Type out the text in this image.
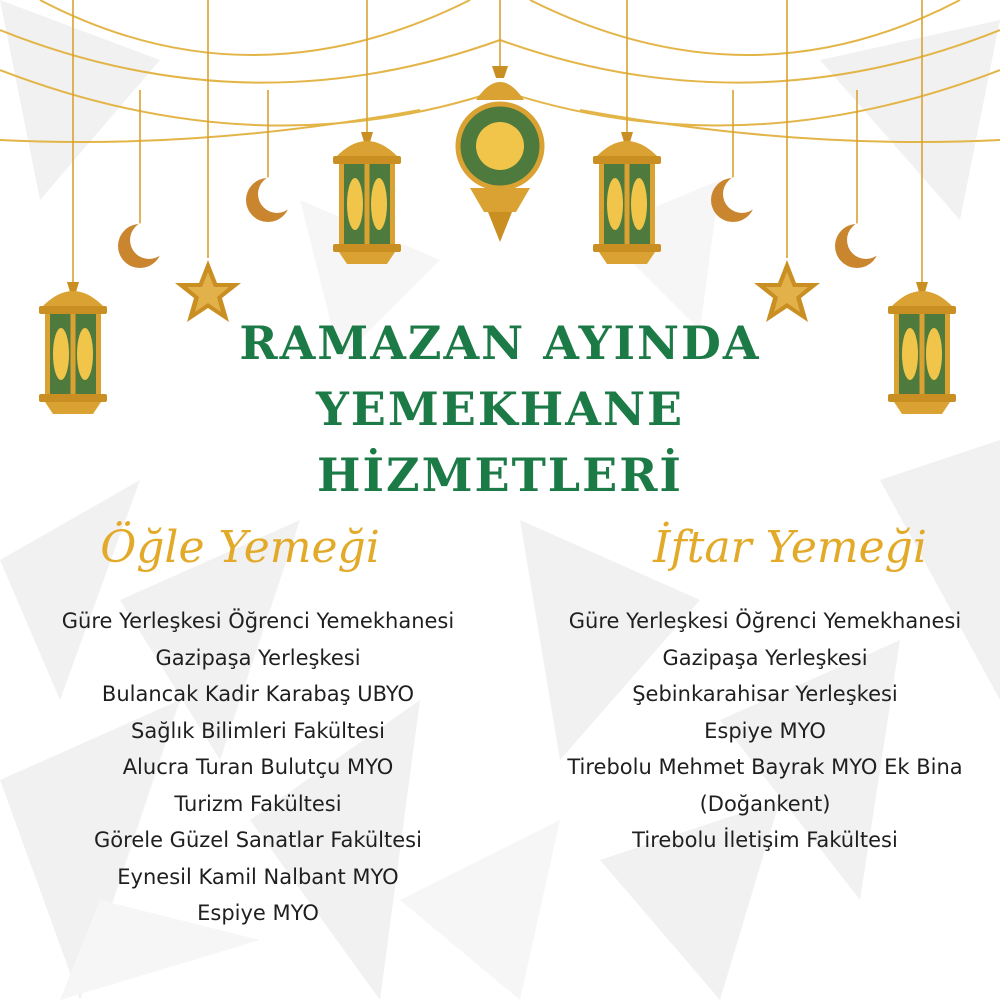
RAMAZAN AYINDA
YEMEKHANE
HİZMETLERİ
Öğle Yemeği	İftar Yemeği
Güre Yerleşkesi Öğrenci Yemekhanesi
Gazipaşa Yerleşkesi
Bulancak Kadir Karabaş UBYO
Sağlık Bilimleri Fakültesi
Alucra Turan Bulutçu MYO
Turizm Fakültesi
Görele Güzel Sanatlar Fakültesi
Eynesil Kamil Nalbant MYO
Espiye MYO
Güre Yerleşkesi Öğrenci Yemekhanesi
Gazipaşa Yerleşkesi
Şebinkarahisar Yerleşkesi
Espiye MYO
Tirebolu Mehmet Bayrak MYO Ek Bina
(Doğankent)
Tirebolu İletişim Fakültesi
